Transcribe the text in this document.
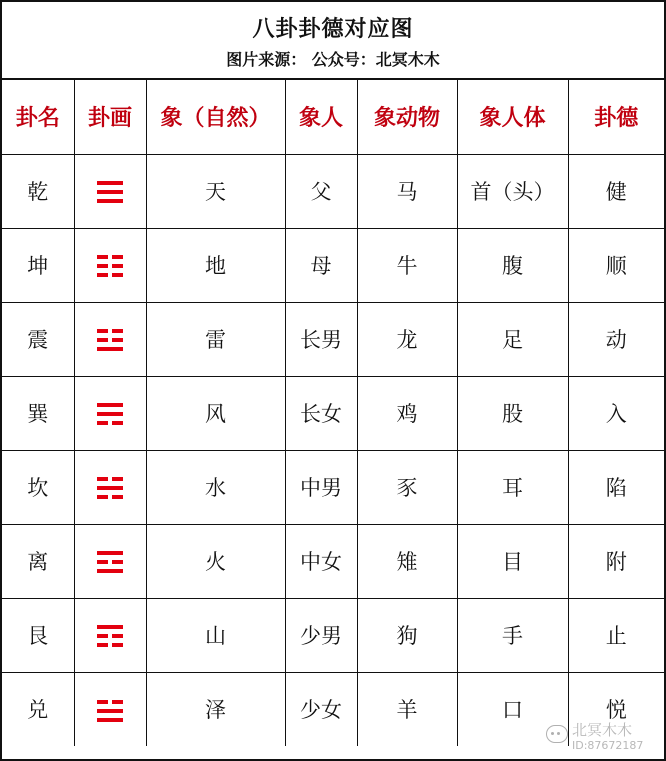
八卦卦德对应图
图片来源： 公众号：北冥木木
卦名	卦画	象（自然）	象人	象动物	象人体	卦德
乾		天	父	马	首（头）	健
坤		地	母	牛	腹	顺
震		雷	长男	龙	足	动
巽		风	长女	鸡	股	入
坎		水	中男	豕	耳	陷
离		火	中女	雉	目	附
艮		山	少男	狗	手	止
兑		泽	少女	羊	口	悦
北冥木木
ID:87672187
